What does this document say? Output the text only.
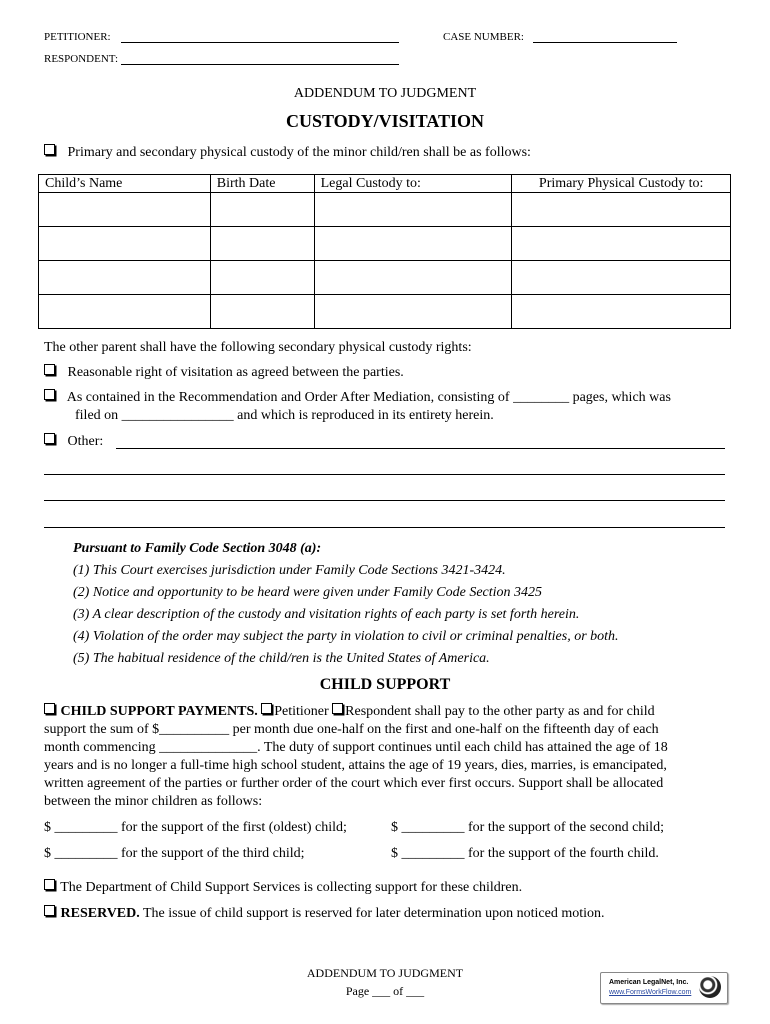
PETITIONER:	CASE NUMBER:
RESPONDENT:
ADDENDUM TO JUDGMENT
CUSTODY/VISITATION
Primary and secondary physical custody of the minor child/ren shall be as follows:
Child’s Name	Birth Date	Legal Custody to:	Primary Physical Custody to:

The other parent shall have the following secondary physical custody rights:
Reasonable right of visitation as agreed between the parties.
As contained in the Recommendation and Order After Mediation, consisting of ________ pages, which was
filed on ________________ and which is reproduced in its entirety herein.
Other:
Pursuant to Family Code Section 3048 (a):
(1) This Court exercises jurisdiction under Family Code Sections 3421-3424.
(2) Notice and opportunity to be heard were given under Family Code Section 3425
(3) A clear description of the custody and visitation rights of each party is set forth herein.
(4) Violation of the order may subject the party in violation to civil or criminal penalties, or both.
(5) The habitual residence of the child/ren is the United States of America.
CHILD SUPPORT
CHILD SUPPORT PAYMENTS. Petitioner Respondent shall pay to the other party as and for child
support the sum of $__________ per month due one-half on the first and one-half on the fifteenth day of each
month commencing ______________. The duty of support continues until each child has attained the age of 18
years and is no longer a full-time high school student, attains the age of 19 years, dies, marries, is emancipated,
written agreement of the parties or further order of the court which ever first occurs. Support shall be allocated
between the minor children as follows:
$ _________ for the support of the first (oldest) child;	$ _________ for the support of the second child;
$ _________ for the support of the third child;	$ _________ for the support of the fourth child.
The Department of Child Support Services is collecting support for these children.
RESERVED. The issue of child support is reserved for later determination upon noticed motion.
ADDENDUM TO JUDGMENT
Page ___ of ___
American LegalNet, Inc.
www.FormsWorkFlow.com
